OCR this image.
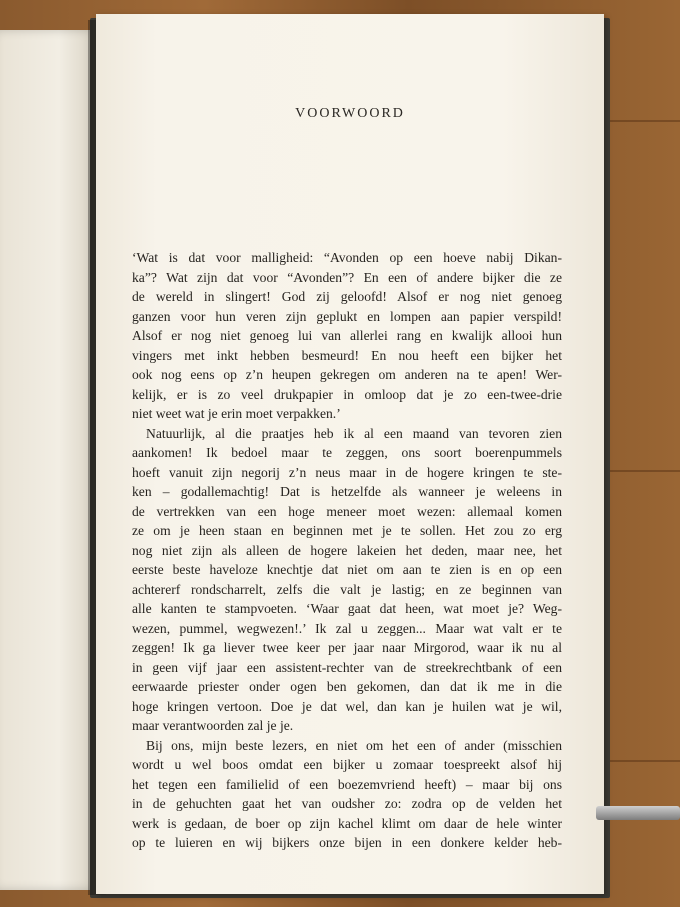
VOORWOORD
‘Wat is dat voor malligheid: “Avonden op een hoeve nabij Dikan-
ka”? Wat zijn dat voor “Avonden”? En een of andere bijker die ze
de wereld in slingert! God zij geloofd! Alsof er nog niet genoeg
ganzen voor hun veren zijn geplukt en lompen aan papier verspild!
Alsof er nog niet genoeg lui van allerlei rang en kwalijk allooi hun
vingers met inkt hebben besmeurd! En nou heeft een bijker het
ook nog eens op z’n heupen gekregen om anderen na te apen! Wer-
kelijk, er is zo veel drukpapier in omloop dat je zo een-twee-drie
niet weet wat je erin moet verpakken.’
Natuurlijk, al die praatjes heb ik al een maand van tevoren zien
aankomen! Ik bedoel maar te zeggen, ons soort boerenpummels
hoeft vanuit zijn negorij z’n neus maar in de hogere kringen te ste-
ken – godallemachtig! Dat is hetzelfde als wanneer je weleens in
de vertrekken van een hoge meneer moet wezen: allemaal komen
ze om je heen staan en beginnen met je te sollen. Het zou zo erg
nog niet zijn als alleen de hogere lakeien het deden, maar nee, het
eerste beste haveloze knechtje dat niet om aan te zien is en op een
achtererf rondscharrelt, zelfs die valt je lastig; en ze beginnen van
alle kanten te stampvoeten. ‘Waar gaat dat heen, wat moet je? Weg-
wezen, pummel, wegwezen!.’ Ik zal u zeggen... Maar wat valt er te
zeggen! Ik ga liever twee keer per jaar naar Mirgorod, waar ik nu al
in geen vijf jaar een assistent-rechter van de streekrechtbank of een
eerwaarde priester onder ogen ben gekomen, dan dat ik me in die
hoge kringen vertoon. Doe je dat wel, dan kan je huilen wat je wil,
maar verantwoorden zal je je.
Bij ons, mijn beste lezers, en niet om het een of ander (misschien
wordt u wel boos omdat een bijker u zomaar toespreekt alsof hij
het tegen een familielid of een boezemvriend heeft) – maar bij ons
in de gehuchten gaat het van oudsher zo: zodra op de velden het
werk is gedaan, de boer op zijn kachel klimt om daar de hele winter
op te luieren en wij bijkers onze bijen in een donkere kelder heb-
